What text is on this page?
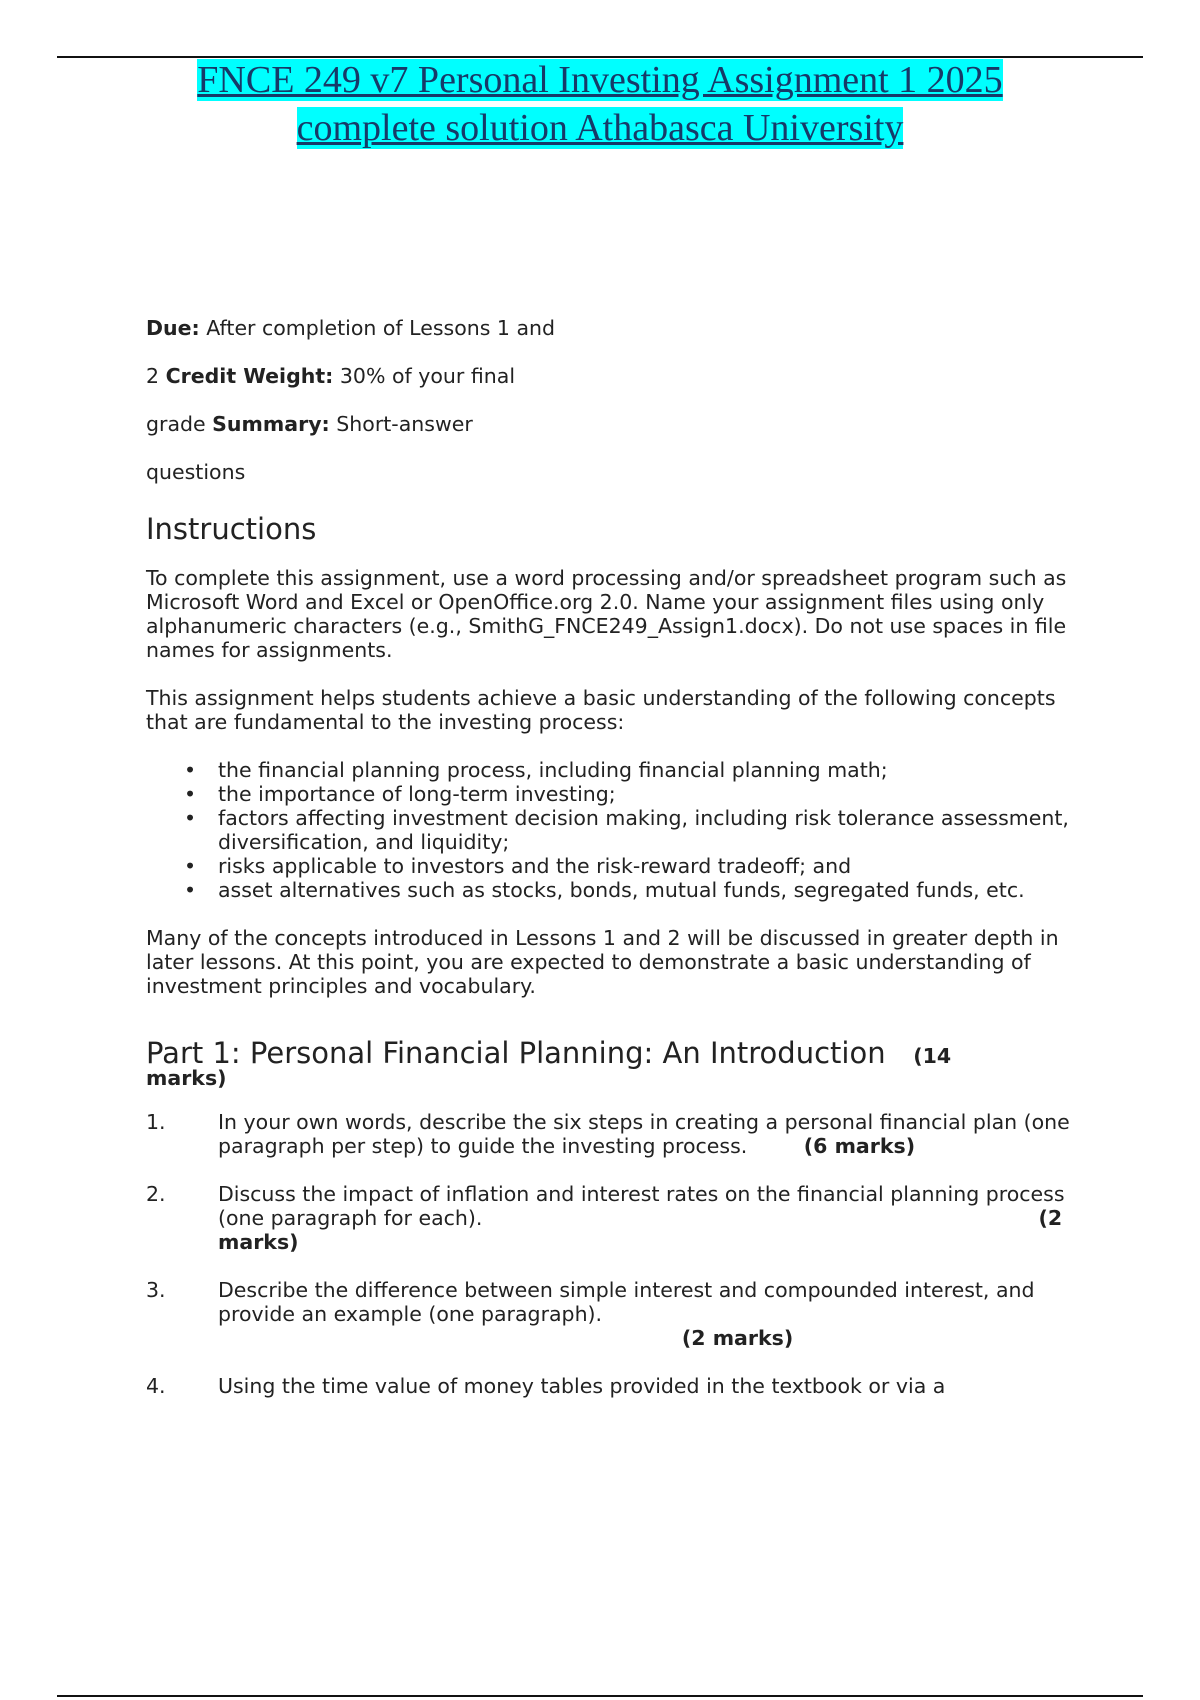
FNCE 249 v7 Personal Investing Assignment 1 2025
complete solution Athabasca University

Due: After completion of Lessons 1 and

2 Credit Weight: 30% of your final

grade Summary: Short-answer

questions

Instructions

To complete this assignment, use a word processing and/or spreadsheet program such as Microsoft Word and Excel or OpenOffice.org 2.0. Name your assignment files using only alphanumeric characters (e.g., SmithG_FNCE249_Assign1.docx). Do not use spaces in file names for assignments.

This assignment helps students achieve a basic understanding of the following concepts that are fundamental to the investing process:

• the financial planning process, including financial planning math;
• the importance of long-term investing;
• factors affecting investment decision making, including risk tolerance assessment, diversification, and liquidity;
• risks applicable to investors and the risk-reward tradeoff; and
• asset alternatives such as stocks, bonds, mutual funds, segregated funds, etc.

Many of the concepts introduced in Lessons 1 and 2 will be discussed in greater depth in later lessons. At this point, you are expected to demonstrate a basic understanding of investment principles and vocabulary.

Part 1: Personal Financial Planning: An Introduction (14
marks)
1.	In your own words, describe the six steps in creating a personal financial plan (one paragraph per step) to guide the investing process.	(6 marks)
2.	Discuss the impact of inflation and interest rates on the financial planning process (one paragraph for each).	(2 marks)
3.	Describe the difference between simple interest and compounded interest, and provide an example (one paragraph).                                                                  (2 marks)
4.	Using the time value of money tables provided in the textbook or via a
